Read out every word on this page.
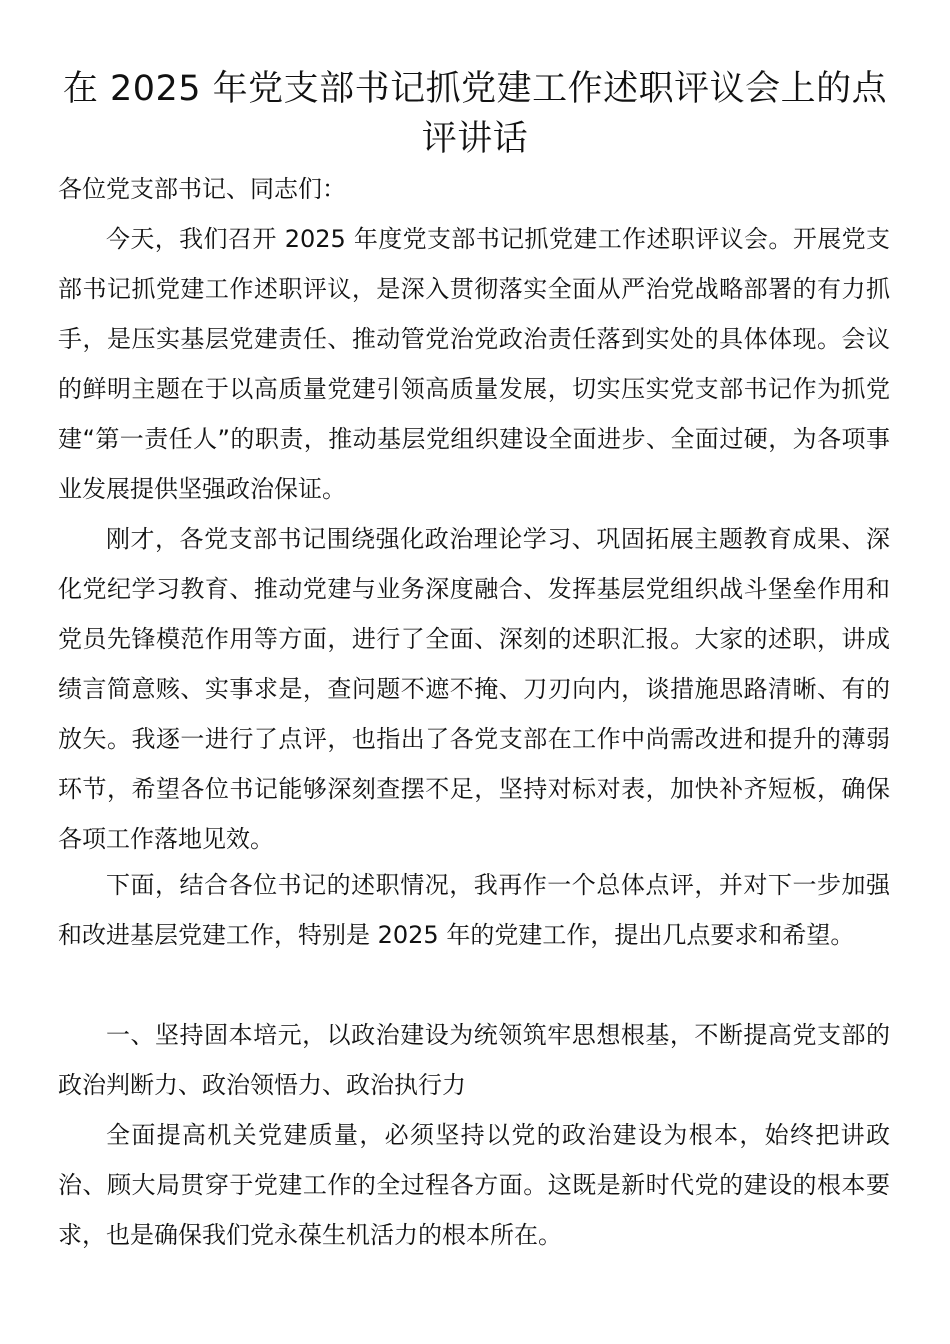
在 2025 年党支部书记抓党建工作述职评议会上的点评讲话

各位党支部书记、同志们：

今天，我们召开 2025 年度党支部书记抓党建工作述职评议会。开展党支部书记抓党建工作述职评议，是深入贯彻落实全面从严治党战略部署的有力抓手，是压实基层党建责任、推动管党治党政治责任落到实处的具体体现。会议的鲜明主题在于以高质量党建引领高质量发展，切实压实党支部书记作为抓党建“第一责任人”的职责，推动基层党组织建设全面进步、全面过硬，为各项事业发展提供坚强政治保证。

刚才，各党支部书记围绕强化政治理论学习、巩固拓展主题教育成果、深化党纪学习教育、推动党建与业务深度融合、发挥基层党组织战斗堡垒作用和党员先锋模范作用等方面，进行了全面、深刻的述职汇报。大家的述职，讲成绩言简意赅、实事求是，查问题不遮不掩、刀刃向内，谈措施思路清晰、有的放矢。我逐一进行了点评，也指出了各党支部在工作中尚需改进和提升的薄弱环节，希望各位书记能够深刻查摆不足，坚持对标对表，加快补齐短板，确保各项工作落地见效。

下面，结合各位书记的述职情况，我再作一个总体点评，并对下一步加强和改进基层党建工作，特别是 2025 年的党建工作，提出几点要求和希望。

一、坚持固本培元，以政治建设为统领筑牢思想根基，不断提高党支部的政治判断力、政治领悟力、政治执行力

全面提高机关党建质量，必须坚持以党的政治建设为根本，始终把讲政治、顾大局贯穿于党建工作的全过程各方面。这既是新时代党的建设的根本要求，也是确保我们党永葆生机活力的根本所在。
